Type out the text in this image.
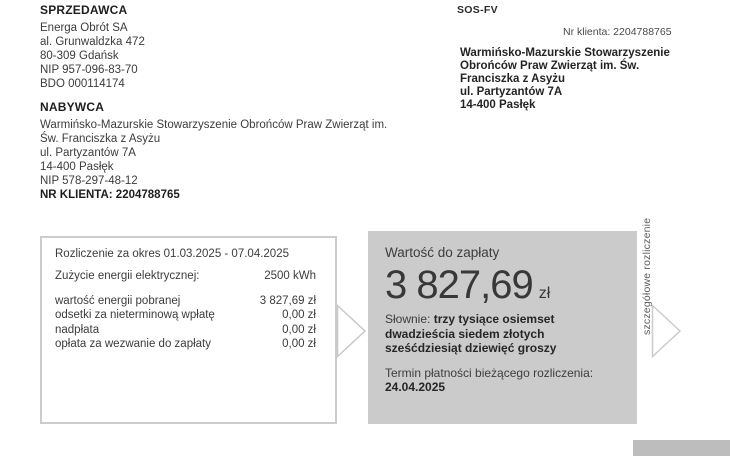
SPRZEDAWCA
Energa Obrót SA
al. Grunwaldzka 472
80-309 Gdańsk
NIP 957-096-83-70
BDO 000114174
NABYWCA
Warmińsko-Mazurskie Stowarzyszenie Obrońców Praw Zwierząt im.
Św. Franciszka z Asyżu
ul. Partyzantów 7A
14-400 Pasłęk
NIP 578-297-48-12
NR KLIENTA: 2204788765
SOS-FV
Nr klienta: 2204788765
Warmińsko-Mazurskie Stowarzyszenie
Obrońców Praw Zwierząt im. Św.
Franciszka z Asyżu
ul. Partyzantów 7A
14-400 Pasłęk
Rozliczenie za okres 01.03.2025 - 07.04.2025
Zużycie energii elektrycznej:	2500 kWh
wartość energii pobranej	3 827,69 zł
odsetki za nieterminową wpłatę	0,00 zł
nadpłata	0,00 zł
opłata za wezwanie do zapłaty	0,00 zł
Wartość do zapłaty
3 827,69 zł

Słownie: trzy tysiące osiemset dwadzieścia siedem złotych sześćdziesiąt dziewięć groszy

Termin płatności bieżącego rozliczenia:
24.04.2025

szczegółowe rozliczenie
